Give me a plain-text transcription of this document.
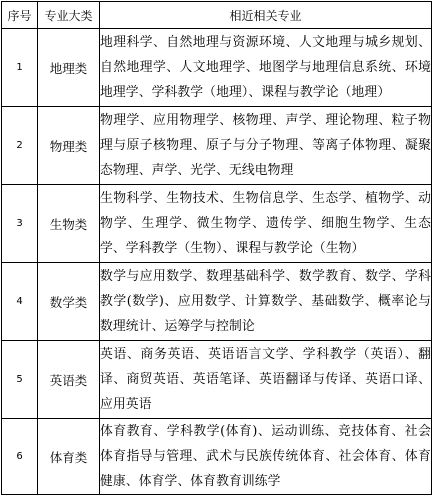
序号	专业大类	相近相关专业
1	地理类	地理科学、自然地理与资源环境、人文地理与城乡规划、自然地理学、人文地理学、地图学与地理信息系统、环境地理学、学科教学（地理）、课程与教学论（地理）
2	物理类	物理学、应用物理学、核物理、声学、理论物理、粒子物理与原子核物理、原子与分子物理、等离子体物理、凝聚态物理、声学、光学、无线电物理
3	生物类	生物科学、生物技术、生物信息学、生态学、植物学、动物学、生理学、微生物学、遗传学、细胞生物学、生态学、学科教学（生物）、课程与教学论（生物）
4	数学类	数学与应用数学、数理基础科学、数学教育、数学、学科教学(数学)、应用数学、计算数学、基础数学、概率论与数理统计、运筹学与控制论
5	英语类	英语、商务英语、英语语言文学、学科教学（英语）、翻译、商贸英语、英语笔译、英语翻译与传译、英语口译、应用英语
6	体育类	体育教育、学科教学(体育)、运动训练、竞技体育、社会体育指导与管理、武术与民族传统体育、社会体育、体育健康、体育学、体育教育训练学
